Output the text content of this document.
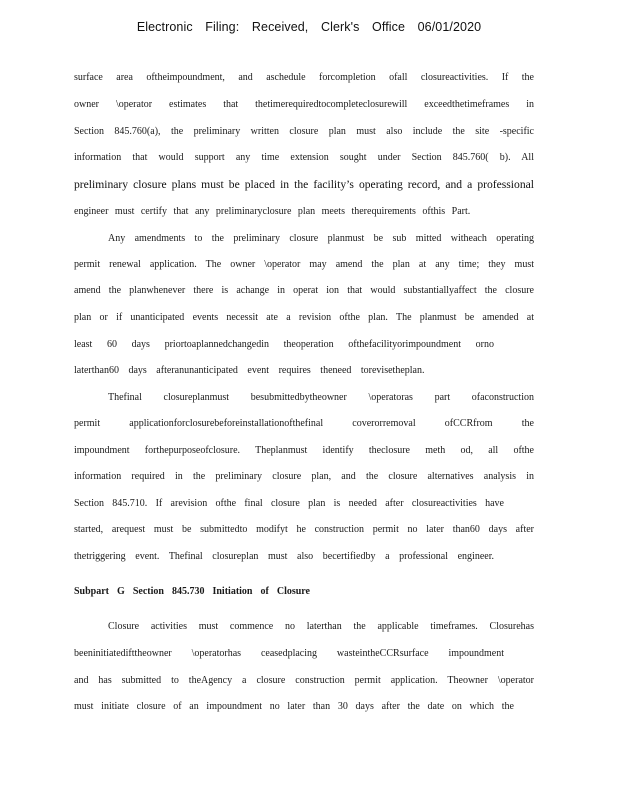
Electronic Filing: Received, Clerk's Office 06/01/2020
surface area oftheimpoundment, and aschedule forcompletion ofall closureactivities. If the
owner \operator estimates that thetimerequiredtocompleteclosurewill exceedthetimeframes in
Section 845.760(a), the preliminary written closure plan must also include the site -specific
information that would support any time extension sought under Section 845.760( b). All
preliminary closure plans must be placed in the facility’s operating record, and a professional
engineer must certify that any preliminaryclosure plan meets therequirements ofthis Part.
Any amendments to the preliminary closure planmust be sub mitted witheach operating
permit renewal application. The owner \operator may amend the plan at any time; they must
amend the planwhenever there is achange in operat ion that would substantiallyaffect the closure
plan or if unanticipated events necessit ate a revision ofthe plan. The planmust be amended at
least 60 days priortoaplannedchangedin theoperation ofthefacilityorimpoundment orno
laterthan60 days afteranunanticipated event requires theneed torevisetheplan.
Thefinal closureplanmust besubmittedbytheowner \operatoras part ofaconstruction
permit applicationforclosurebeforeinstallationofthefinal coverorremoval ofCCRfrom the
impoundment forthepurposeofclosure. Theplanmust identify theclosure meth od, all ofthe
information required in the preliminary closure plan, and the closure alternatives analysis in
Section 845.710. If arevision ofthe final closure plan is needed after closureactivities have
started, arequest must be submittedto modifyt he construction permit no later than60 days after
thetriggering event. Thefinal closureplan must also becertifiedby a professional engineer.
Subpart G Section 845.730 Initiation of Closure
Closure activities must commence no laterthan the applicable timeframes. Closurehas
beeninitiatedifttheowner \operatorhas ceasedplacing wasteintheCCRsurface impoundment
and has submitted to theAgency a closure construction permit application. Theowner \operator
must initiate closure of an impoundment no later than 30 days after the date on which the
